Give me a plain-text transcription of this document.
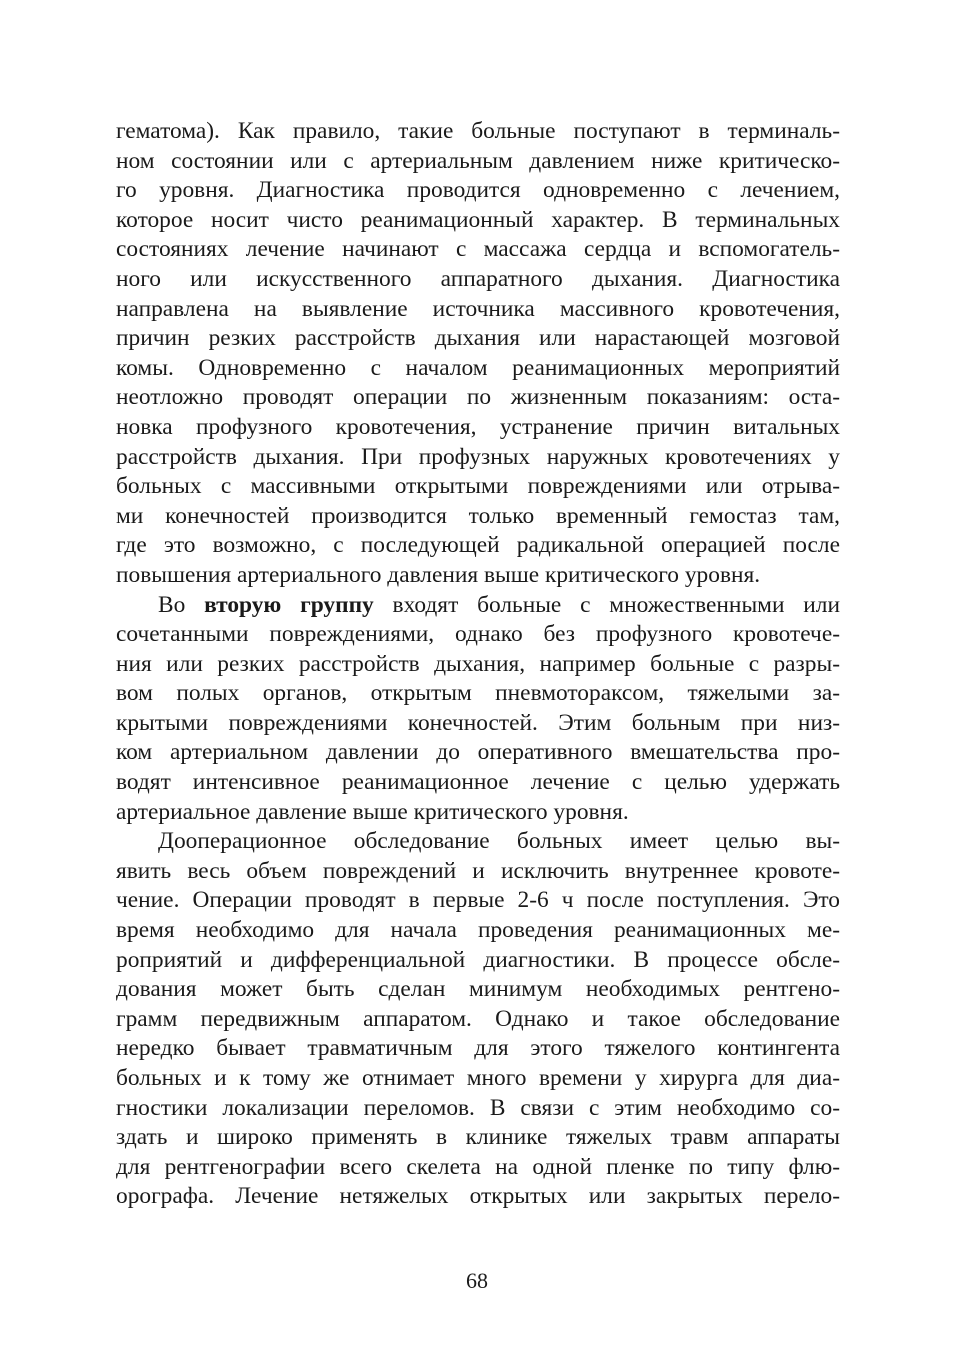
гематома). Как правило, такие больные поступают в терминаль-
ном состоянии или с артериальным давлением ниже критическо-
го уровня. Диагностика проводится одновременно с лечением,
которое носит чисто реанимационный характер. В терминальных
состояниях лечение начинают с массажа сердца и вспомогатель-
ного или искусственного аппаратного дыхания. Диагностика
направлена на выявление источника массивного кровотечения,
причин резких расстройств дыхания или нарастающей мозговой
комы. Одновременно с началом реанимационных мероприятий
неотложно проводят операции по жизненным показаниям: оста-
новка профузного кровотечения, устранение причин витальных
расстройств дыхания. При профузных наружных кровотечениях у
больных с массивными открытыми повреждениями или отрыва-
ми конечностей производится только временный гемостаз там,
где это возможно, с последующей радикальной операцией после
повышения артериального давления выше критического уровня.
Во вторую группу входят больные с множественными или
сочетанными повреждениями, однако без профузного кровотече-
ния или резких расстройств дыхания, например больные с разры-
вом полых органов, открытым пневмотораксом, тяжелыми за-
крытыми повреждениями конечностей. Этим больным при низ-
ком артериальном давлении до оперативного вмешательства про-
водят интенсивное реанимационное лечение с целью удержать
артериальное давление выше критического уровня.
Дооперационное обследование больных имеет целью вы-
явить весь объем повреждений и исключить внутреннее кровоте-
чение. Операции проводят в первые 2-6 ч после поступления. Это
время необходимо для начала проведения реанимационных ме-
роприятий и дифференциальной диагностики. В процессе обсле-
дования может быть сделан минимум необходимых рентгено-
грамм передвижным аппаратом. Однако и такое обследование
нередко бывает травматичным для этого тяжелого контингента
больных и к тому же отнимает много времени у хирурга для диа-
гностики локализации переломов. В связи с этим необходимо со-
здать и широко применять в клинике тяжелых травм аппараты
для рентгенографии всего скелета на одной пленке по типу флю-
орографа. Лечение нетяжелых открытых или закрытых перело-
68
